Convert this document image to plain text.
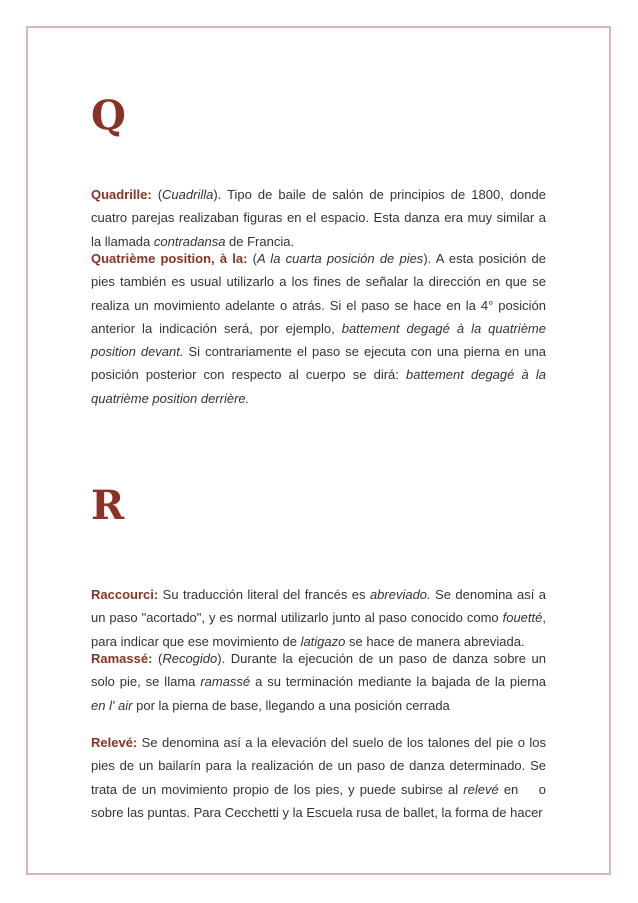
Q

Quadrille: (Cuadrilla). Tipo de baile de salón de principios de 1800, donde cuatro parejas realizaban figuras en el espacio. Esta danza era muy similar a la llamada contradansa de Francia.

Quatrième position, à la: (A la cuarta posición de pies). A esta posición de pies también es usual utilizarlo a los fines de señalar la dirección en que se realiza un movimiento adelante o atrás. Si el paso se hace en la 4° posición anterior la indicación será, por ejemplo, battement degagé à la quatrième position devant. Si contrariamente el paso se ejecuta con una pierna en una posición posterior con respecto al cuerpo se dirá: battement degagé à la quatrième position derrière.

R

Raccourci: Su traducción literal del francés es abreviado. Se denomina así a un paso "acortado", y es normal utilizarlo junto al paso conocido como fouetté, para indicar que ese movimiento de latigazo se hace de manera abreviada.

Ramassé: (Recogido). Durante la ejecución de un paso de danza sobre un solo pie, se llama ramassé a su terminación mediante la bajada de la pierna en l' air por la pierna de base, llegando a una posición cerrada

Relevé: Se denomina así a la elevación del suelo de los talones del pie o los pies de un bailarín para la realización de un paso de danza determinado. Se trata de un movimiento propio de los pies, y puede subirse al relevé en    o sobre las puntas. Para Cecchetti y la Escuela rusa de ballet, la forma de hacer
